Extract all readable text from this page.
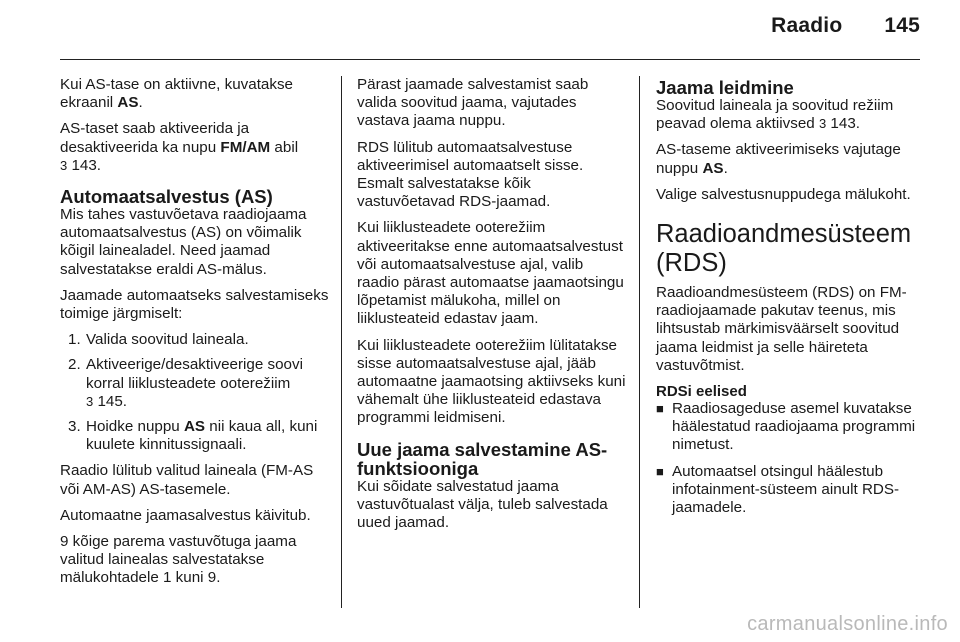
Raadio 145

Kui AS-tase on aktiivne, kuvatakse ekraanil AS.

AS-taset saab aktiveerida ja desaktiveerida ka nupu FM/AM abil
3 143.

Automaatsalvestus (AS)

Mis tahes vastuvõetava raadiojaama automaatsalvestus (AS) on võimalik kõigil lainealadel. Need jaamad salvestatakse eraldi AS-mälus.

Jaamade automaatseks salvestamiseks toimige järgmiselt:

1. Valida soovitud laineala.
2. Aktiveerige/desaktiveerige soovi korral liiklusteadete ooterežiim
3 145.
3. Hoidke nuppu AS nii kaua all, kuni kuulete kinnitussignaali.

Raadio lülitub valitud laineala (FM-AS või AM-AS) AS-tasemele.

Automaatne jaamasalvestus käivitub.

9 kõige parema vastuvõtuga jaama valitud lainealas salvestatakse mälukohtadele 1 kuni 9.

Pärast jaamade salvestamist saab valida soovitud jaama, vajutades vastava jaama nuppu.

RDS lülitub automaatsalvestuse aktiveerimisel automaatselt sisse. Esmalt salvestatakse kõik vastuvõetavad RDS-jaamad.

Kui liiklusteadete ooterežiim aktiveeritakse enne automaatsalvestust või automaatsalvestuse ajal, valib raadio pärast automaatse jaamaotsingu lõpetamist mälukoha, millel on liiklusteateid edastav jaam.

Kui liiklusteadete ooterežiim lülitatakse sisse automaatsalvestuse ajal, jääb automaatne jaamaotsing aktiivseks kuni vähemalt ühe liiklusteateid edastava programmi leidmiseni.

Uue jaama salvestamine AS-funktsiooniga

Kui sõidate salvestatud jaama vastuvõtualast välja, tuleb salvestada uued jaamad.

Jaama leidmine

Soovitud laineala ja soovitud režiim peavad olema aktiivsed 3 143.

AS-taseme aktiveerimiseks vajutage nuppu AS.

Valige salvestusnuppudega mälukoht.

Raadioandmesüsteem (RDS)

Raadioandmesüsteem (RDS) on FM-raadiojaamade pakutav teenus, mis lihtsustab märkimisväärselt soovitud jaama leidmist ja selle häireteta vastuvõtmist.

RDSi eelised
■ Raadiosageduse asemel kuvatakse häälestatud raadiojaama programmi nimetust.
■ Automaatsel otsingul häälestub infotainment-süsteem ainult RDS-jaamadele.
carmanualsonline.info
